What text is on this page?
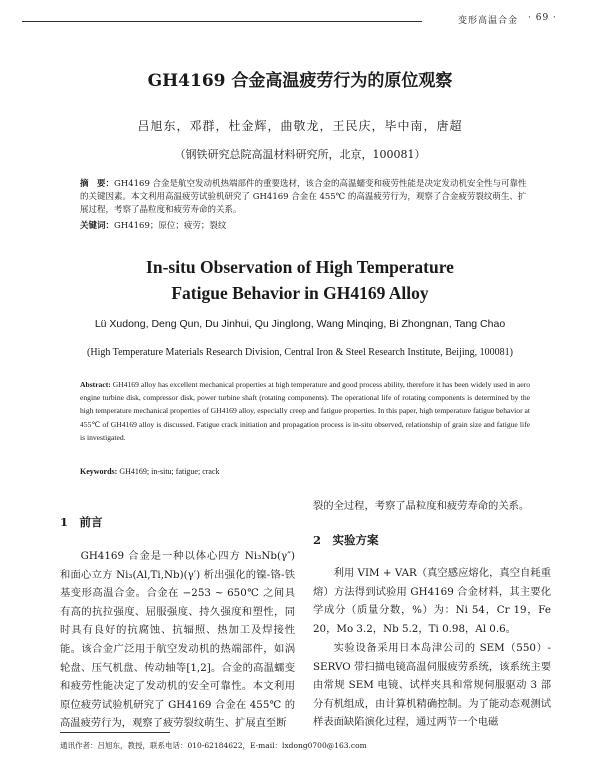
变形高温合金 · 69 ·
GH4169 合金高温疲劳行为的原位观察
吕旭东，邓群，杜金辉，曲敬龙，王民庆，毕中南，唐超
（钢铁研究总院高温材料研究所，北京，100081）
摘　要：GH4169 合金是航空发动机热端部件的重要选材，该合金的高温蠕变和疲劳性能是决定发动机安全性与可靠性的关键因素。本文利用高温疲劳试验机研究了 GH4169 合金在 455℃ 的高温疲劳行为，观察了合金疲劳裂纹萌生、扩展过程，考察了晶粒度和疲劳寿命的关系。
关键词：GH4169；原位；疲劳；裂纹
In-situ Observation of High Temperature
Fatigue Behavior in GH4169 Alloy
Lü Xudong, Deng Qun, Du Jinhui, Qu Jinglong, Wang Minqing, Bi Zhongnan, Tang Chao
(High Temperature Materials Research Division, Central Iron & Steel Research Institute, Beijing, 100081)
Abstract: GH4169 alloy has excellent mechanical properties at high temperature and good process ability, therefore it has been widely used in aero engine turbine disk, compressor disk, power turbine shaft (rotating components). The operational life of rotating components is determined by the high temperature mechanical properties of GH4169 alloy, especially creep and fatigue properties. In this paper, high temperature fatigue behavior at 455℃ of GH4169 alloy is discussed. Fatigue crack initiation and propagation process is in-situ observed, relationship of grain size and fatigue life is investigated.
Keywords: GH4169; in-situ; fatigue; crack
1　前言
GH4169 合金是一种以体心四方 Ni₃Nb(γ″) 和面心立方 Ni₃(Al,Ti,Nb)(γ′) 析出强化的镍-铬-铁基变形高温合金。合金在 −253 ~ 650℃ 之间具有高的抗拉强度、屈服强度、持久强度和塑性，同时具有良好的抗腐蚀、抗辐照、热加工及焊接性能。该合金广泛用于航空发动机的热端部件，如涡轮盘、压气机盘、传动轴等[1,2]。合金的高温蠕变和疲劳性能决定了发动机的安全可靠性。本文利用原位疲劳试验机研究了 GH4169 合金在 455℃ 的高温疲劳行为，观察了疲劳裂纹萌生、扩展直至断
裂的全过程，考察了晶粒度和疲劳寿命的关系。
2　实验方案
利用 VIM + VAR（真空感应熔化，真空自耗重熔）方法得到试验用 GH4169 合金材料，其主要化学成分（质量分数，%）为：Ni 54，Cr 19，Fe 20，Mo 3.2，Nb 5.2，Ti 0.98，Al 0.6。
实验设备采用日本岛津公司的 SEM（550）-SERVO 带扫描电镜高温伺服疲劳系统，该系统主要由常规 SEM 电镜、试样夹具和常规伺服驱动 3 部分有机组成，由计算机精确控制。为了能动态观测试样表面缺陷演化过程，通过两节一个电磁
通讯作者：吕旭东，教授，联系电话：010-62184622，E-mail：lxdong0700@163.com
